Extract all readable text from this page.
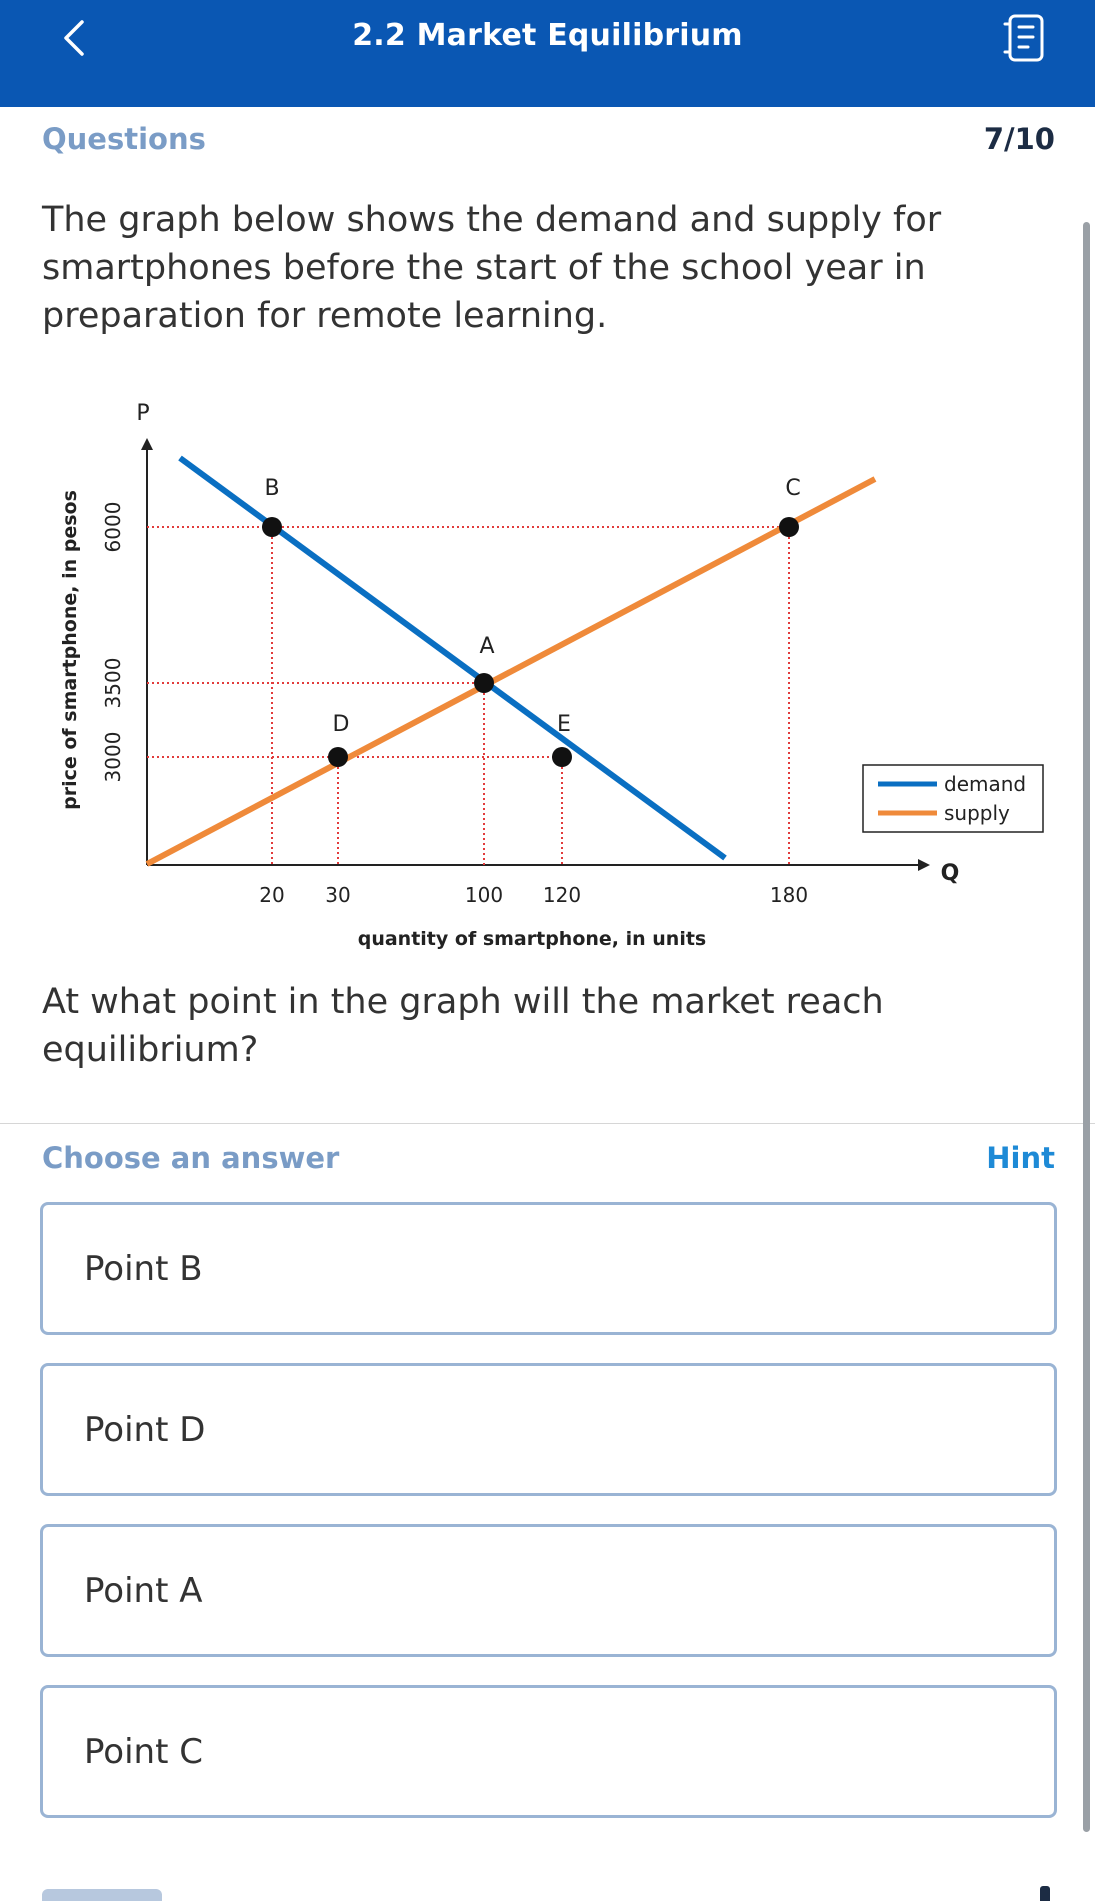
2.2 Market Equilibrium
Questions	7/10
The graph below shows the demand and supply for smartphones before the start of the school year in preparation for remote learning.
P
Q
B	C
A
D	E
20 30	100 120	180
3000
3500
6000
quantity of smartphone, in units
price of smartphone, in pesos	demand
supply
At what point in the graph will the market reach equilibrium?
Choose an answer	Hint
Point B
Point D
Point A
Point C
